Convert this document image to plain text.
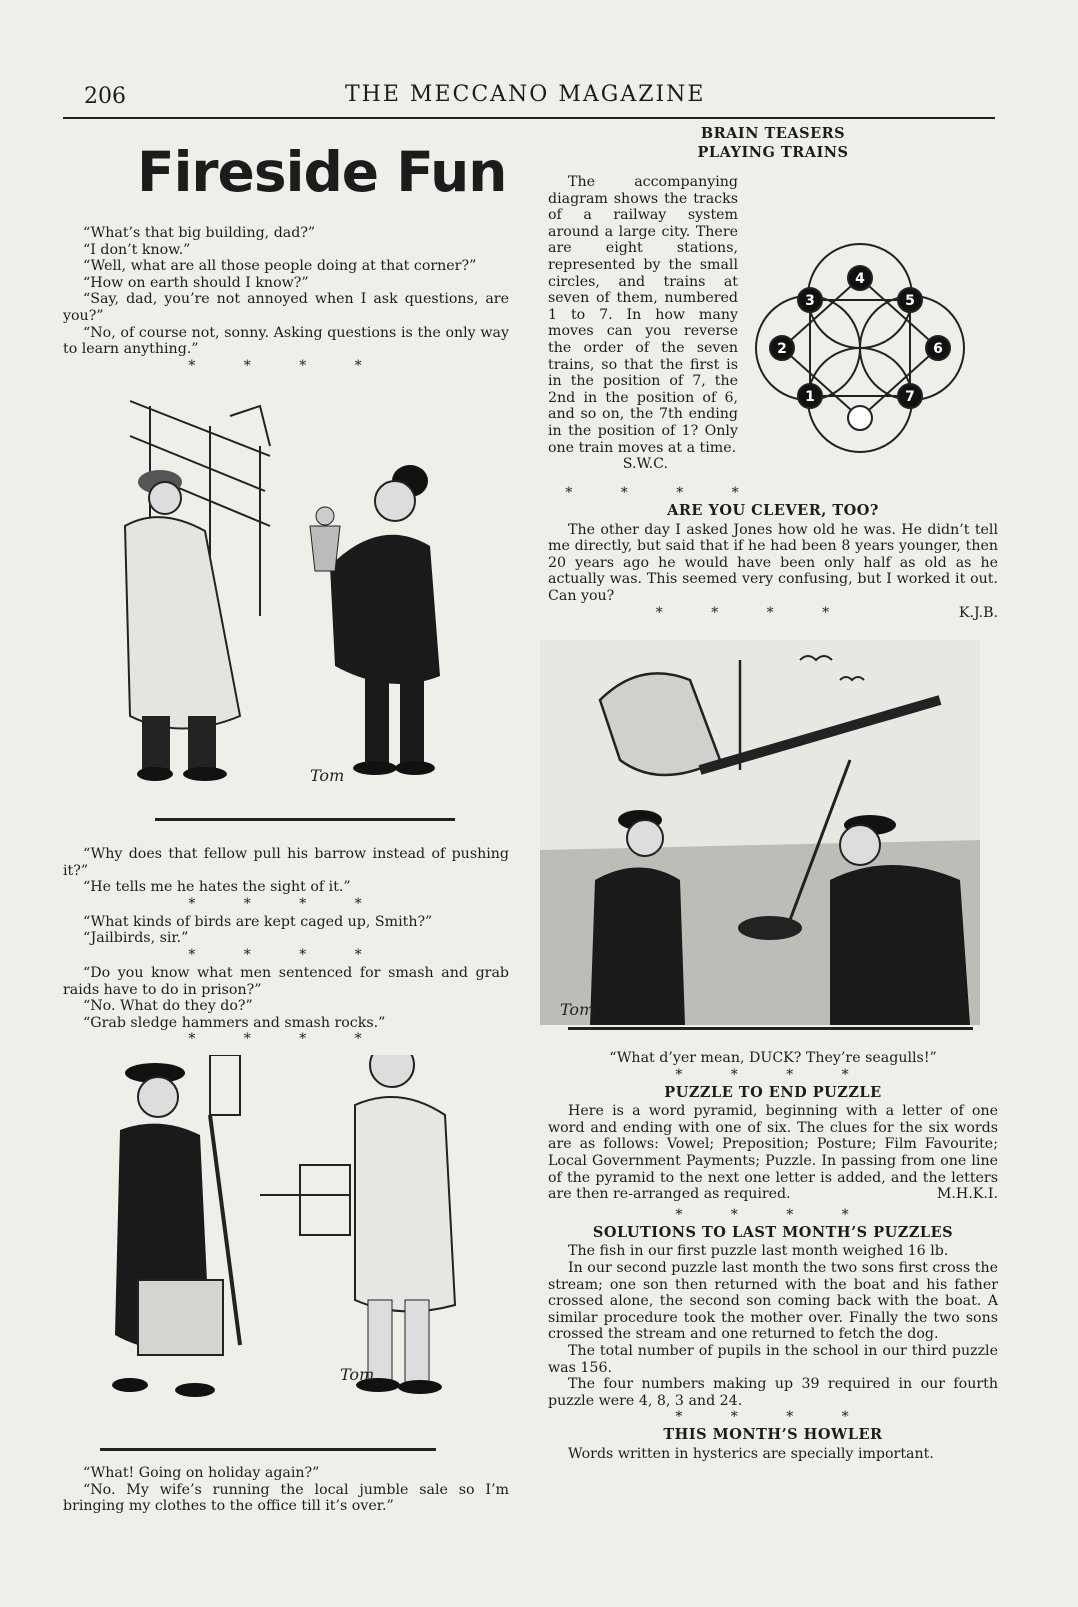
206	THE MECCANO MAGAZINE
Fireside Fun

“What’s that big building, dad?”

“I don’t know.”

“Well, what are all those people doing at that corner?”

“How on earth should I know?”

“Say, dad, you’re not annoyed when I ask questions, are you?”

“No, of course not, sonny. Asking questions is the only way to learn anything.”

* * * *
Tom

“Why does that fellow pull his barrow instead of pushing it?”

“He tells me he hates the sight of it.”

* * * *

“What kinds of birds are kept caged up, Smith?”

“Jailbirds, sir.”

* * * *

“Do you know what men sentenced for smash and grab raids have to do in prison?”

“No. What do they do?”

“Grab sledge hammers and smash rocks.”

* * * *
Tom

“What! Going on holiday again?”

“No. My wife’s running the local jumble sale so I’m bringing my clothes to the office till it’s over.”

BRAIN TEASERS
PLAYING TRAINS

The accompanying diagram shows the tracks of a railway system around a large city. There are eight stations, represented by the small circles, and trains at seven of them, numbered 1 to 7. In how many moves can you reverse the order of the seven trains, so that the first is in the position of 7, the 2nd in the position of 6, and so on, the 7th ending in the position of 1? Only one train moves at a time.

S.W.C.

1
2
3
4
5
6
7
* * * *
ARE YOU CLEVER, TOO?

The other day I asked Jones how old he was. He didn’t tell me directly, but said that if he had been 8 years younger, then 20 years ago he would have been only half as old as he actually was. This seemed very confusing, but I worked it out. Can you?

* * * *	K.J.B.
Tom

“What d’yer mean, DUCK? They’re seagulls!”

* * * *
PUZZLE TO END PUZZLE

Here is a word pyramid, beginning with a letter of one word and ending with one of six. The clues for the six words are as follows: Vowel; Preposition; Posture; Film Favourite; Local Government Payments; Puzzle. In passing from one line of the pyramid to the next one letter is added, and the letters are then re-arranged as required.	M.H.K.I.

* * * *
SOLUTIONS TO LAST MONTH’S PUZZLES

The fish in our first puzzle last month weighed 16 lb.

In our second puzzle last month the two sons first cross the stream; one son then returned with the boat and his father crossed alone, the second son coming back with the boat. A similar procedure took the mother over. Finally the two sons crossed the stream and one returned to fetch the dog.

The total number of pupils in the school in our third puzzle was 156.

The four numbers making up 39 required in our fourth puzzle were 4, 8, 3 and 24.

* * * *
THIS MONTH’S HOWLER

Words written in hysterics are specially important.
